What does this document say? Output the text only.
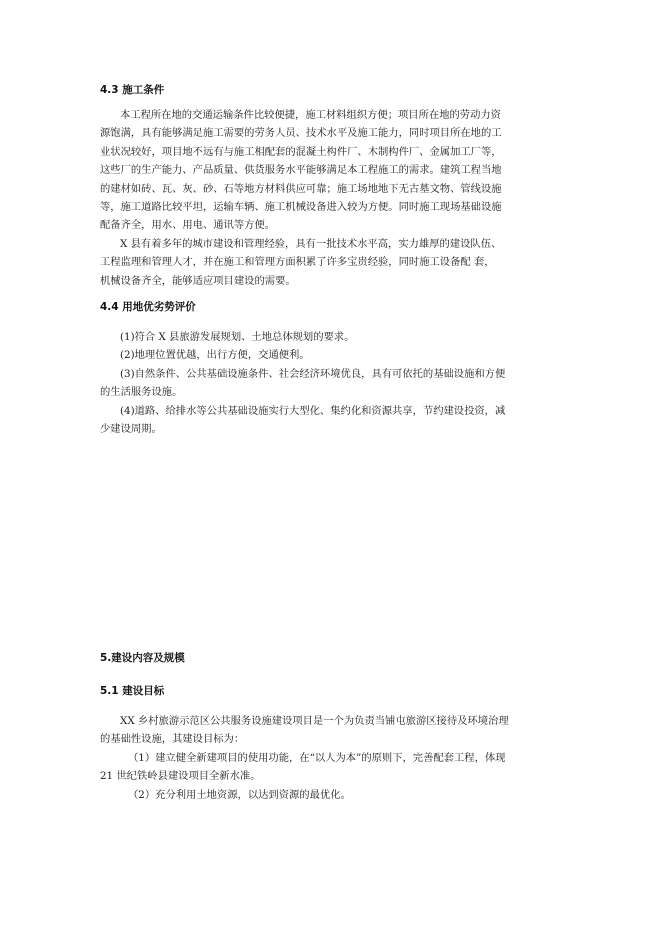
4.3 施工条件
本工程所在地的交通运输条件比较便捷，施工材料组织方便；项目所在地的劳动力资
源饱满，具有能够满足施工需要的劳务人员、技术水平及施工能力，同时项目所在地的工
业状况较好，项目地不远有与施工相配套的混凝土构件厂、木制构件厂、金属加工厂等，
这些厂的生产能力、产品质量、供货服务水平能够满足本工程施工的需求。建筑工程当地
的建材如砖、瓦、灰、砂、石等地方材料供应可靠；施工场地地下无古墓文物、管线设施
等，施工道路比较平坦，运输车辆、施工机械设备进入较为方便。同时施工现场基础设施
配备齐全，用水、用电、通讯等方便。
X 县有着多年的城市建设和管理经验，具有一批技术水平高，实力雄厚的建设队伍、
工程监理和管理人才，并在施工和管理方面积累了许多宝贵经验，同时施工设备配 套，
机械设备齐全，能够适应项目建设的需要。
4.4 用地优劣势评价
(1)符合 X 县旅游发展规划、土地总体规划的要求。
(2)地理位置优越，出行方便，交通便利。
(3)自然条件、公共基础设施条件、社会经济环境优良，具有可依托的基础设施和方便
的生活服务设施。
(4)道路、给排水等公共基础设施实行大型化、集约化和资源共享，节约建设投资，减
少建设周期。
5.建设内容及规模
5.1 建设目标
XX 乡村旅游示范区公共服务设施建设项目是一个为负责当铺屯旅游区接待及环境治理
的基础性设施，其建设目标为：
（1）建立健全新建项目的使用功能，在“以人为本”的原则下，完善配套工程，体现
21 世纪铁岭县建设项目全新水准。
（2）充分利用土地资源，以达到资源的最优化。
